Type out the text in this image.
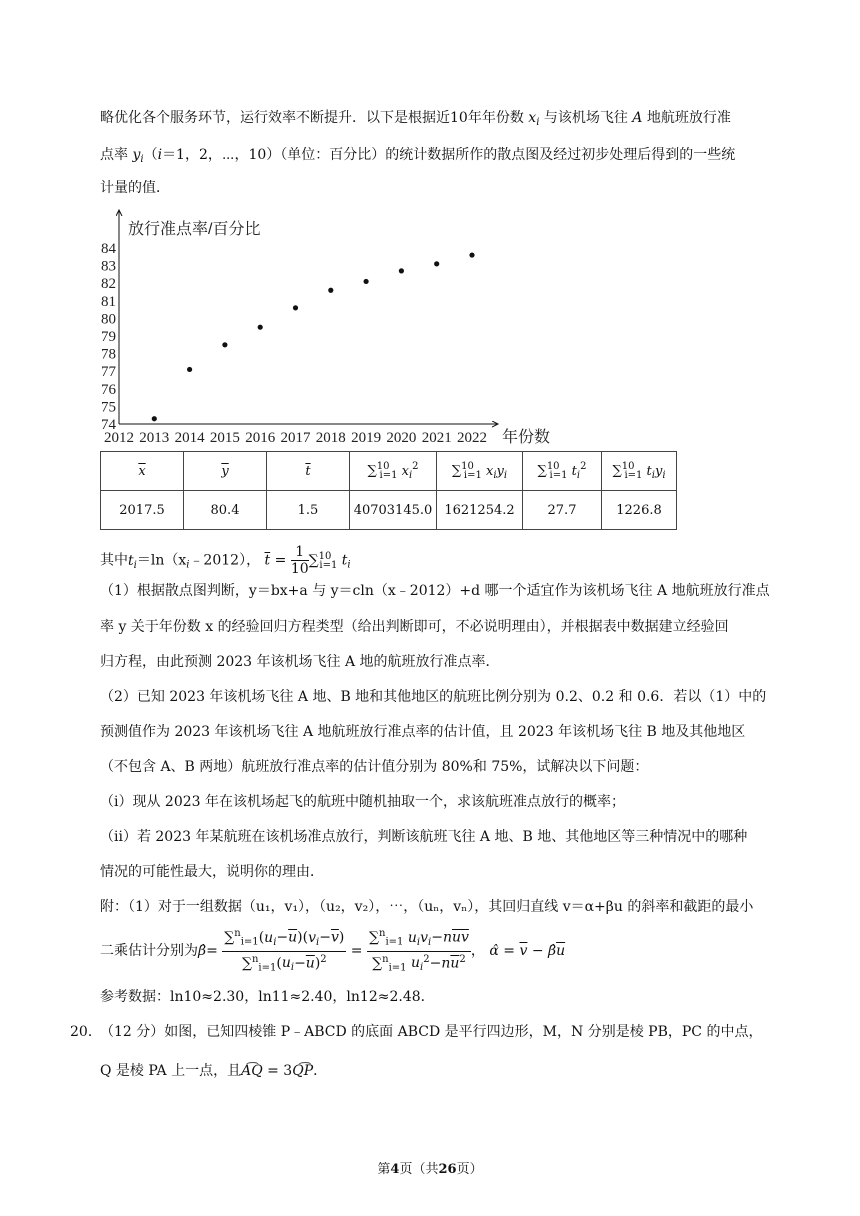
略优化各个服务环节，运行效率不断提升．以下是根据近10年年份数 $x_i$ 与该机场飞往 A 地航班放行准
点率 $y_i(i=1$，2，⋯，10）（单位：百分比）的统计数据所作的散点图及经过初步处理后得到的一些统
计量的值．
放行准点率/百分比
年份数
74
75
76
77
78
79
80
81
82
83
84
2012 2013 2014 2015 2016 2017 2018 2019 2020 2021 2022
$\overline{x}$	$\overline{y}$	$\overline{t}$	∑$^{10}_{i=1}$ $x_i^2$	∑$^{10}_{i=1}$ $x_iy_i$	∑$^{10}_{i=1}$ $t_i^2$	∑$^{10}_{i=1}$ $t_iy_i$
2017.5	80.4	1.5	40703145.0	1621254.2	27.7	1226.8
其中$t_i=\ln(x_i﹣2012)$， $\overline{t} = \frac{1}{10} \sum^{10}_{i=1}$ $t_i$
（1）根据散点图判断，y＝bx+a 与 y＝cln（x﹣2012）+d 哪一个适宜作为该机场飞往 A 地航班放行准点
率 y 关于年份数 x 的经验回归方程类型（给出判断即可，不必说明理由），并根据表中数据建立经验回
归方程，由此预测 2023 年该机场飞往 A 地的航班放行准点率．
（2）已知 2023 年该机场飞往 A 地、B 地和其他地区的航班比例分别为 0.2、0.2 和 0.6．若以（1）中的
预测值作为 2023 年该机场飞往 A 地航班放行准点率的估计值，且 2023 年该机场飞往 B 地及其他地区
（不包含 A、B 两地）航班放行准点率的估计值分别为 80%和 75%，试解决以下问题：
（i）现从 2023 年在该机场起飞的航班中随机抽取一个，求该航班准点放行的概率；
（ii）若 2023 年某航班在该机场准点放行，判断该航班飞往 A 地、B 地、其他地区等三种情况中的哪种
情况的可能性最大，说明你的理由．
附：（1）对于一组数据（u₁，v₁），（u₂，v₂），⋯，（uₙ，vₙ），其回归直线 v＝α+βu 的斜率和截距的最小
二乘估计分别为β̂= $\frac{\sum^n_{i=1}(u_i-\overline{u})(v_i-\overline{v})}{\sum^n_{i=1}(u_i-\overline{u})^2} = \frac{\sum^n_{i=1} u_iv_i-n\overline{uv}}{\sum^n_{i=1} u_i^2-n\overline{u}^2}$ ， α̂ = $\overline{v}$ − $\betâ\overline{u}$
参考数据：ln10≈2.30，ln11≈2.40，ln12≈2.48．
20．
（12 分）如图，已知四棱锥 P﹣ABCD 的底面 ABCD 是平行四边形，M，N 分别是棱 PB，PC 的中点，
Q 是棱 PA 上一点，且A͡Q = 3Q͡P．
第4页（共26页）
